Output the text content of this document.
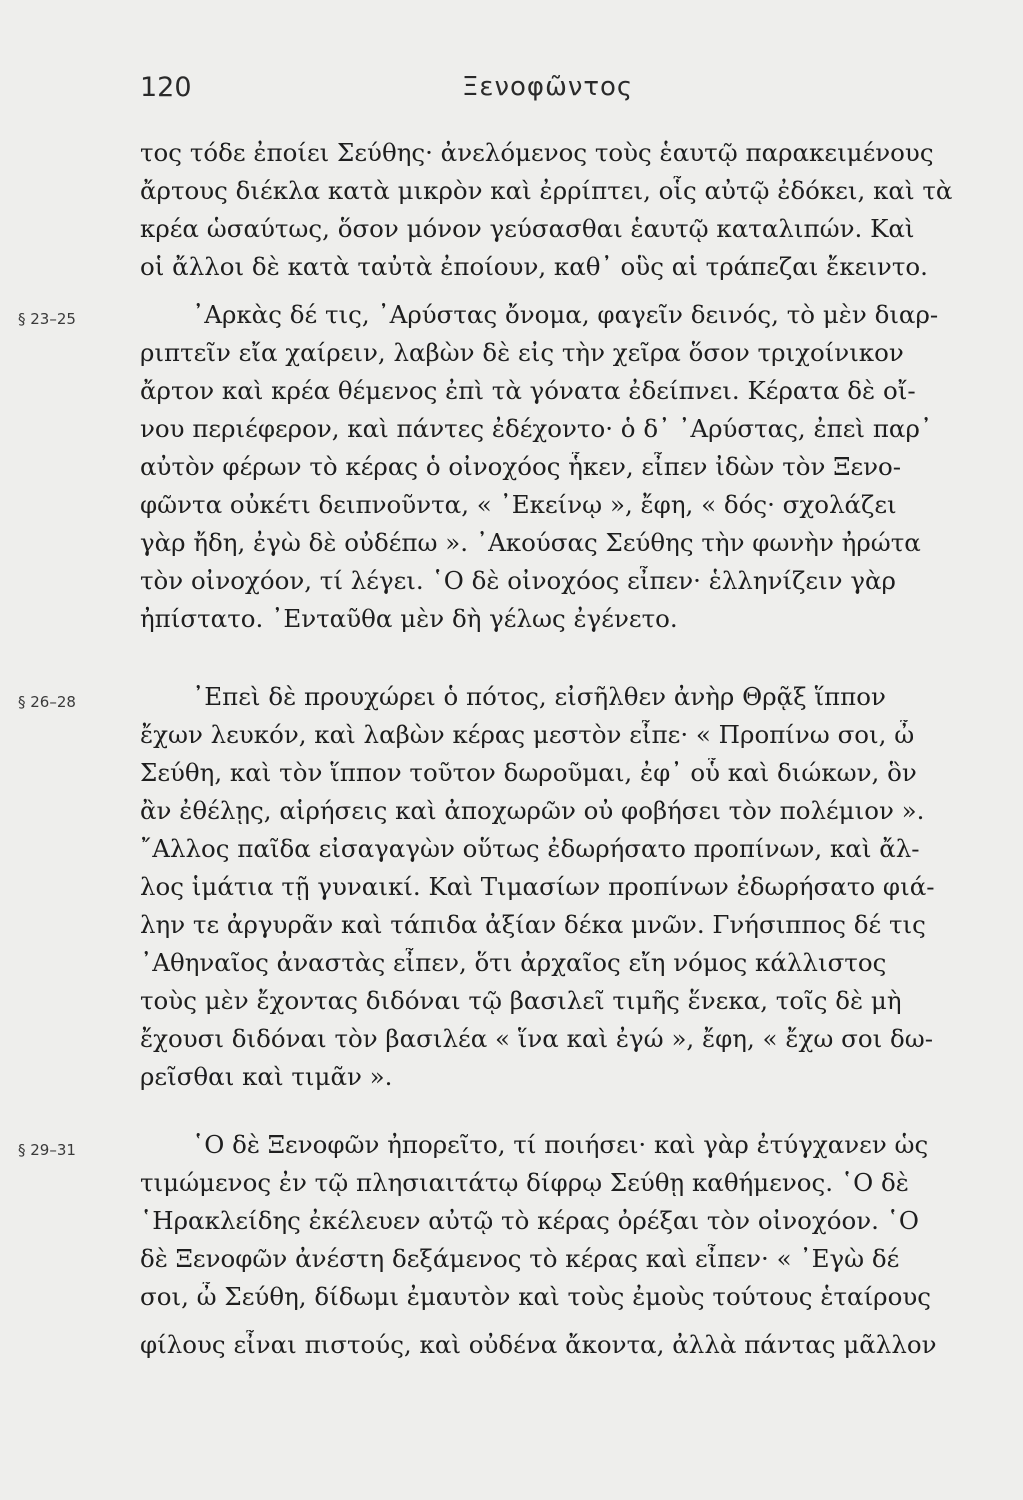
120	Ξενοφῶντος
§ 23–25
§ 26–28
§ 29–31
τος τόδε ἐποίει Σεύθης· ἀνελόμενος τοὺς ἑαυτῷ παρακειμένους
ἄρτους διέκλα κατὰ μικρὸν καὶ ἐρρίπτει, οἷς αὐτῷ ἐδόκει, καὶ τὰ
κρέα ὡσαύτως, ὅσον μόνον γεύσασθαι ἑαυτῷ καταλιπών. Καὶ
οἱ ἄλλοι δὲ κατὰ ταὐτὰ ἐποίουν, καθ᾽ οὓς αἱ τράπεζαι ἔκειντο.
᾿Αρκὰς δέ τις, ᾿Αρύστας ὄνομα, φαγεῖν δεινός, τὸ μὲν διαρ-
ριπτεῖν εἴα χαίρειν, λαβὼν δὲ εἰς τὴν χεῖρα ὅσον τριχοίνικον
ἄρτον καὶ κρέα θέμενος ἐπὶ τὰ γόνατα ἐδείπνει. Κέρατα δὲ οἴ-
νου περιέφερον, καὶ πάντες ἐδέχοντο· ὁ δ᾽ ᾿Αρύστας, ἐπεὶ παρ᾽
αὐτὸν φέρων τὸ κέρας ὁ οἰνοχόος ἧκεν, εἶπεν ἰδὼν τὸν Ξενο-
φῶντα οὐκέτι δειπνοῦντα, « ᾿Εκείνῳ », ἔφη, « δός· σχολάζει
γὰρ ἤδη, ἐγὼ δὲ οὐδέπω ». ᾿Ακούσας Σεύθης τὴν φωνὴν ἠρώτα
τὸν οἰνοχόον, τί λέγει. ῾Ο δὲ οἰνοχόος εἶπεν· ἑλληνίζειν γὰρ
ἠπίστατο. ᾿Ενταῦθα μὲν δὴ γέλως ἐγένετο.
᾿Επεὶ δὲ προυχώρει ὁ πότος, εἰσῆλθεν ἀνὴρ Θρᾷξ ἵππον
ἔχων λευκόν, καὶ λαβὼν κέρας μεστὸν εἶπε· « Προπίνω σοι, ὦ
Σεύθη, καὶ τὸν ἵππον τοῦτον δωροῦμαι, ἐφ᾽ οὗ καὶ διώκων, ὃν
ἂν ἐθέλῃς, αἱρήσεις καὶ ἀποχωρῶν οὐ φοβήσει τὸν πολέμιον ».
῎Αλλος παῖδα εἰσαγαγὼν οὕτως ἐδωρήσατο προπίνων, καὶ ἄλ-
λος ἱμάτια τῇ γυναικί. Καὶ Τιμασίων προπίνων ἐδωρήσατο φιά-
λην τε ἀργυρᾶν καὶ τάπιδα ἀξίαν δέκα μνῶν. Γνήσιππος δέ τις
᾿Αθηναῖος ἀναστὰς εἶπεν, ὅτι ἀρχαῖος εἴη νόμος κάλλιστος
τοὺς μὲν ἔχοντας διδόναι τῷ βασιλεῖ τιμῆς ἕνεκα, τοῖς δὲ μὴ
ἔχουσι διδόναι τὸν βασιλέα « ἵνα καὶ ἐγώ », ἔφη, « ἔχω σοι δω-
ρεῖσθαι καὶ τιμᾶν ».
῾Ο δὲ Ξενοφῶν ἠπορεῖτο, τί ποιήσει· καὶ γὰρ ἐτύγχανεν ὡς
τιμώμενος ἐν τῷ πλησιαιτάτῳ δίφρῳ Σεύθῃ καθήμενος. ῾Ο δὲ
῾Ηρακλείδης ἐκέλευεν αὐτῷ τὸ κέρας ὀρέξαι τὸν οἰνοχόον. ῾Ο
δὲ Ξενοφῶν ἀνέστη δεξάμενος τὸ κέρας καὶ εἶπεν· « ᾿Εγὼ δέ
σοι, ὦ Σεύθη, δίδωμι ἐμαυτὸν καὶ τοὺς ἐμοὺς τούτους ἑταίρους
φίλους εἶναι πιστούς, καὶ οὐδένα ἄκοντα, ἀλλὰ πάντας μᾶλλον
